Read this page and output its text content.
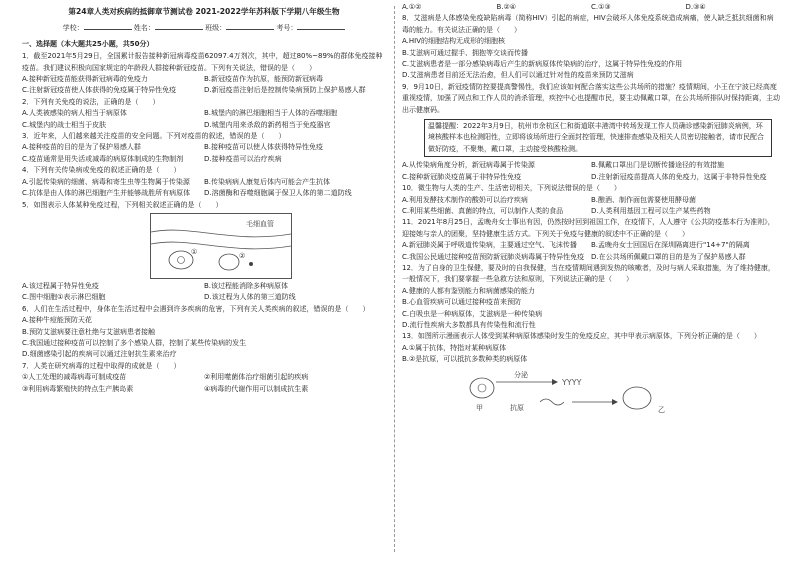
第24章人类对疾病的抵御章节测试卷 2021-2022学年苏科版下学期八年级生物
学校：	姓名：	班级：	考号：
一、选择题（本大题共25小题，共50分）

1．截至2021年5月29日，全国累计报告接种新冠病毒疫苗62097.4万剂次，其中，超过80%~89%的群体免疫接种疫苗。我们建议积极向国家规定的年龄段人群接种新冠疫苗。下列有关说法，错误的是（　　）

A.接种新冠疫苗能获得新冠病毒的免疫力	B.新冠疫苗作为抗原，能预防新冠病毒
C.注射新冠疫苗使人体获得的免疫属于特异性免疫	D.新冠疫苗注射后是控制传染病预防上保护易感人群

2．下列有关免疫的说法，正确的是（　　）

A.人类被感染的病人相当于病原体	B.城堡内的淋巴细胞相当于人体的吞噬细胞
C.城堡内的战士相当于皮肤	D.城堡内用来杀敌的新药相当于免疫器官

3．近年来，人们越来越关注疫苗的安全问题。下列对疫苗的叙述，错误的是（　　）

A.接种疫苗的目的是为了保护易感人群	B.接种疫苗可以使人体获得特异性免疫
C.疫苗通常是用失活或减毒的病原体制成的生物制剂	D.接种疫苗可以治疗疾病

4．下列有关传染病或免疫的叙述正确的是（　　）

A.引起传染病的细菌、病毒和寄生虫等生物属于传染源	B.传染病病人康复后体内可能会产生抗体
C.抗体是由人体的淋巴细胞产生并能够战胜所有病原体	D.溶菌酶和吞噬细胞属于保卫人体的第二道防线

5．如图表示人体某种免疫过程，下列相关叙述正确的是（　　）

毛细血管
①	②
A.该过程属于特异性免疫	B.该过程能消除多种病原体
C.图中细胞①表示淋巴细胞	D.该过程为人体的第三道防线

6．人们在生活过程中，身体在生活过程中会遇到许多疾病的危害，下列有关人类疾病的叙述，错误的是（　　）

A.接种牛痘能预防天花

B.预防艾滋病要注意杜绝与艾滋病患者接触

C.我国通过接种疫苗可以控制了多个感染人群，控制了某些传染病的发生

D.细菌感染引起的疾病可以通过注射抗生素来治疗

7．人类在研究病毒的过程中取得的成就是（　　）

①人工处理的减毒病毒可制成疫苗	②利用噬菌体治疗细菌引起的疾病
③利用病毒繁殖快的特点生产胰岛素	④病毒的代谢作用可以制成抗生素
A.①②	B.②④	C.①③	D.③④

8．艾滋病是人体感染免疫缺陷病毒（简称HIV）引起的病症，HIV会破坏人体免疫系统造成病痛，使人缺乏抵抗细菌和病毒的能力。有关说法正确的是（　　）

A.HIV的细胞结构无成形的细胞核

B.艾滋病可通过握手、拥抱等交谈而传播

C.艾滋病患者是一部分感染病毒后产生的新病原体传染病的治疗，这属于特异性免疫的作用

D.艾滋病患者目前还无法治愈，但人们可以通过针对性的疫苗来预防艾滋病

9．9月10日，新冠疫情防控要提高警惕性，我们应该如何配合落实这些公共场所的措施？疫情期间，小王在宁波已经高度重视疫情，加强了网点和工作人员的消杀管理，疾控中心也提醒市民，要主动佩戴口罩，在公共场所排队时保持距离，主动出示健康码。

温馨提醒：2022年3月9日，杭州市余杭区仁和街道联丰港湾中转场发现工作人员确诊感染新冠肺炎病例，环境核酸样本也检测阳性，立即将该场所进行全面封控管理，快速排查感染及相关人员密切接触者，请市民配合做好防疫，不聚集，戴口罩，主动接受核酸检测。
A.从传染病角度分析，新冠病毒属于传染源	B.佩戴口罩出门是切断传播途径的有效措施
C.接种新冠肺炎疫苗属于非特异性免疫	D.注射新冠疫苗提高人体的免疫力，这属于非特异性免疫

10．微生物与人类的生产、生活密切相关，下列说法错误的是（　　）

A.利用发酵技术制作的酸奶可以治疗疾病	B.酿酒、制作面包需要使用酵母菌
C.利用某些细菌、真菌的特点，可以制作人类的食品	D.人类利用基因工程可以生产某些药物

11．2021年8月25日，孟晚舟女士事出有因，仍然按时回到祖国工作，在疫情下，人人遵守《公共防疫基本行为准则》，迎接她与亲人的团聚，坚持健康生活方式。下列关于免疫与健康的叙述中不正确的是（　　）

A.新冠肺炎属于呼吸道传染病，主要通过空气、飞沫传播	B.孟晚舟女士回国后在深圳隔离进行"14+7"的隔离
C.我国公民通过接种疫苗预防新冠肺炎病毒属于特异性免疫 D.在公共场所佩戴口罩的目的是为了保护易感人群

12．为了自身的卫生保健，要及时的自我保健，当在疫情期间遇到发热的咳嗽者，及时与病人采取措施，为了维持健康，一般情况下，我们要掌握一些急救方法和原则，下列说法正确的是（　　）

A.健康的人都有鉴别能力和病菌感染的能力

B.心血管疾病可以通过接种疫苗来预防

C.白吸虫是一种病原体，艾滋病是一种传染病

D.流行性疾病大多数都具有传染性和流行性

13．如图所示漫画表示人体受到某种病原体感染时发生的免疫反应，其中甲表示病原体，下列分析正确的是（　　）

A.①属于抗体，特指对某种病原体

B.②是抗原，可以抵抗多数种类的病原体

分泌
YYYY
抗原
甲	乙
